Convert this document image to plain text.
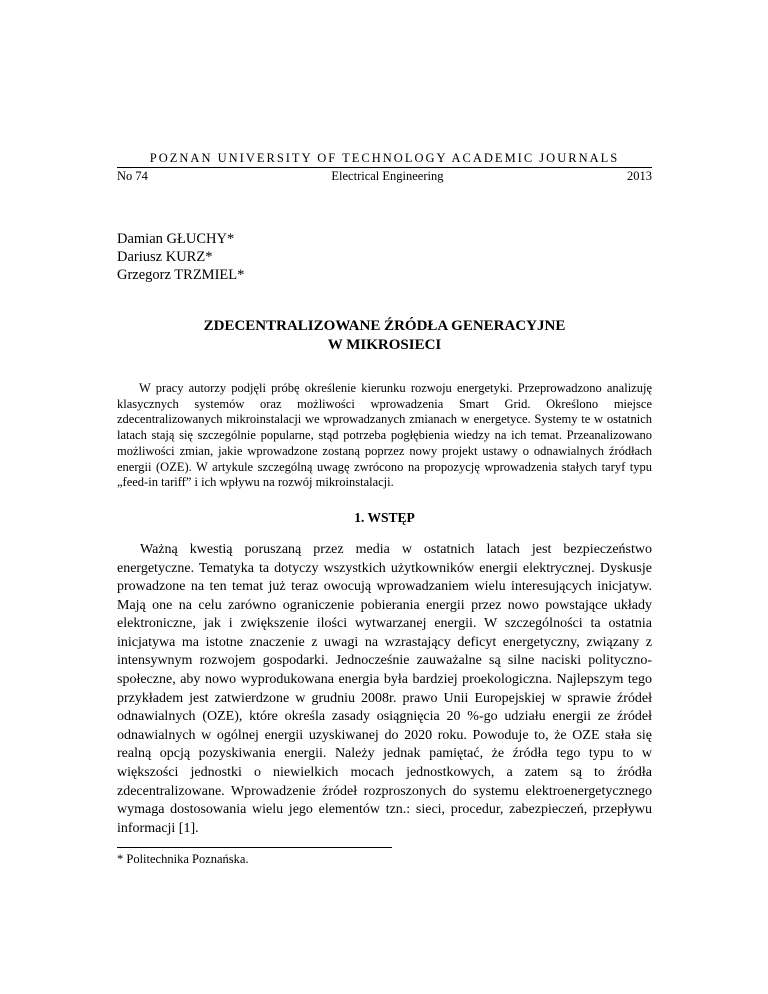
POZNAN UNIVERSITY OF TECHNOLOGY ACADEMIC JOURNALS
No 74	Electrical Engineering	2013
Damian GŁUCHY*
Dariusz KURZ*
Grzegorz TRZMIEL*
ZDECENTRALIZOWANE ŹRÓDŁA GENERACYJNE
W MIKROSIECI
W pracy autorzy podjęli próbę określenie kierunku rozwoju energetyki. Przeprowadzono analizuję klasycznych systemów oraz możliwości wprowadzenia Smart Grid. Określono miejsce zdecentralizowanych mikroinstalacji we wprowadzanych zmianach w energetyce. Systemy te w ostatnich latach stają się szczególnie popularne, stąd potrzeba pogłębienia wiedzy na ich temat. Przeanalizowano możliwości zmian, jakie wprowadzone zostaną poprzez nowy projekt ustawy o odnawialnych źródłach energii (OZE). W artykule szczególną uwagę zwrócono na propozycję wprowadzenia stałych taryf typu „feed-in tariff” i ich wpływu na rozwój mikroinstalacji.
1. WSTĘP
Ważną kwestią poruszaną przez media w ostatnich latach jest bezpieczeństwo energetyczne. Tematyka ta dotyczy wszystkich użytkowników energii elektrycznej. Dyskusje prowadzone na ten temat już teraz owocują wprowadzaniem wielu interesujących inicjatyw. Mają one na celu zarówno ograniczenie pobierania energii przez nowo powstające układy elektroniczne, jak i zwiększenie ilości wytwarzanej energii. W szczególności ta ostatnia inicjatywa ma istotne znaczenie z uwagi na wzrastający deficyt energetyczny, związany z intensywnym rozwojem gospodarki. Jednocześnie zauważalne są silne naciski polityczno-społeczne, aby nowo wyprodukowana energia była bardziej proekologiczna. Najlepszym tego przykładem jest zatwierdzone w grudniu 2008r. prawo Unii Europejskiej w sprawie źródeł odnawialnych (OZE), które określa zasady osiągnięcia 20 %-go udziału energii ze źródeł odnawialnych w ogólnej energii uzyskiwanej do 2020 roku. Powoduje to, że OZE stała się realną opcją pozyskiwania energii. Należy jednak pamiętać, że źródła tego typu to w większości jednostki o niewielkich mocach jednostkowych, a zatem są to źródła zdecentralizowane. Wprowadzenie źródeł rozproszonych do systemu elektroenergetycznego wymaga dostosowania wielu jego elementów tzn.: sieci, procedur, zabezpieczeń, przepływu informacji [1].
* Politechnika Poznańska.
